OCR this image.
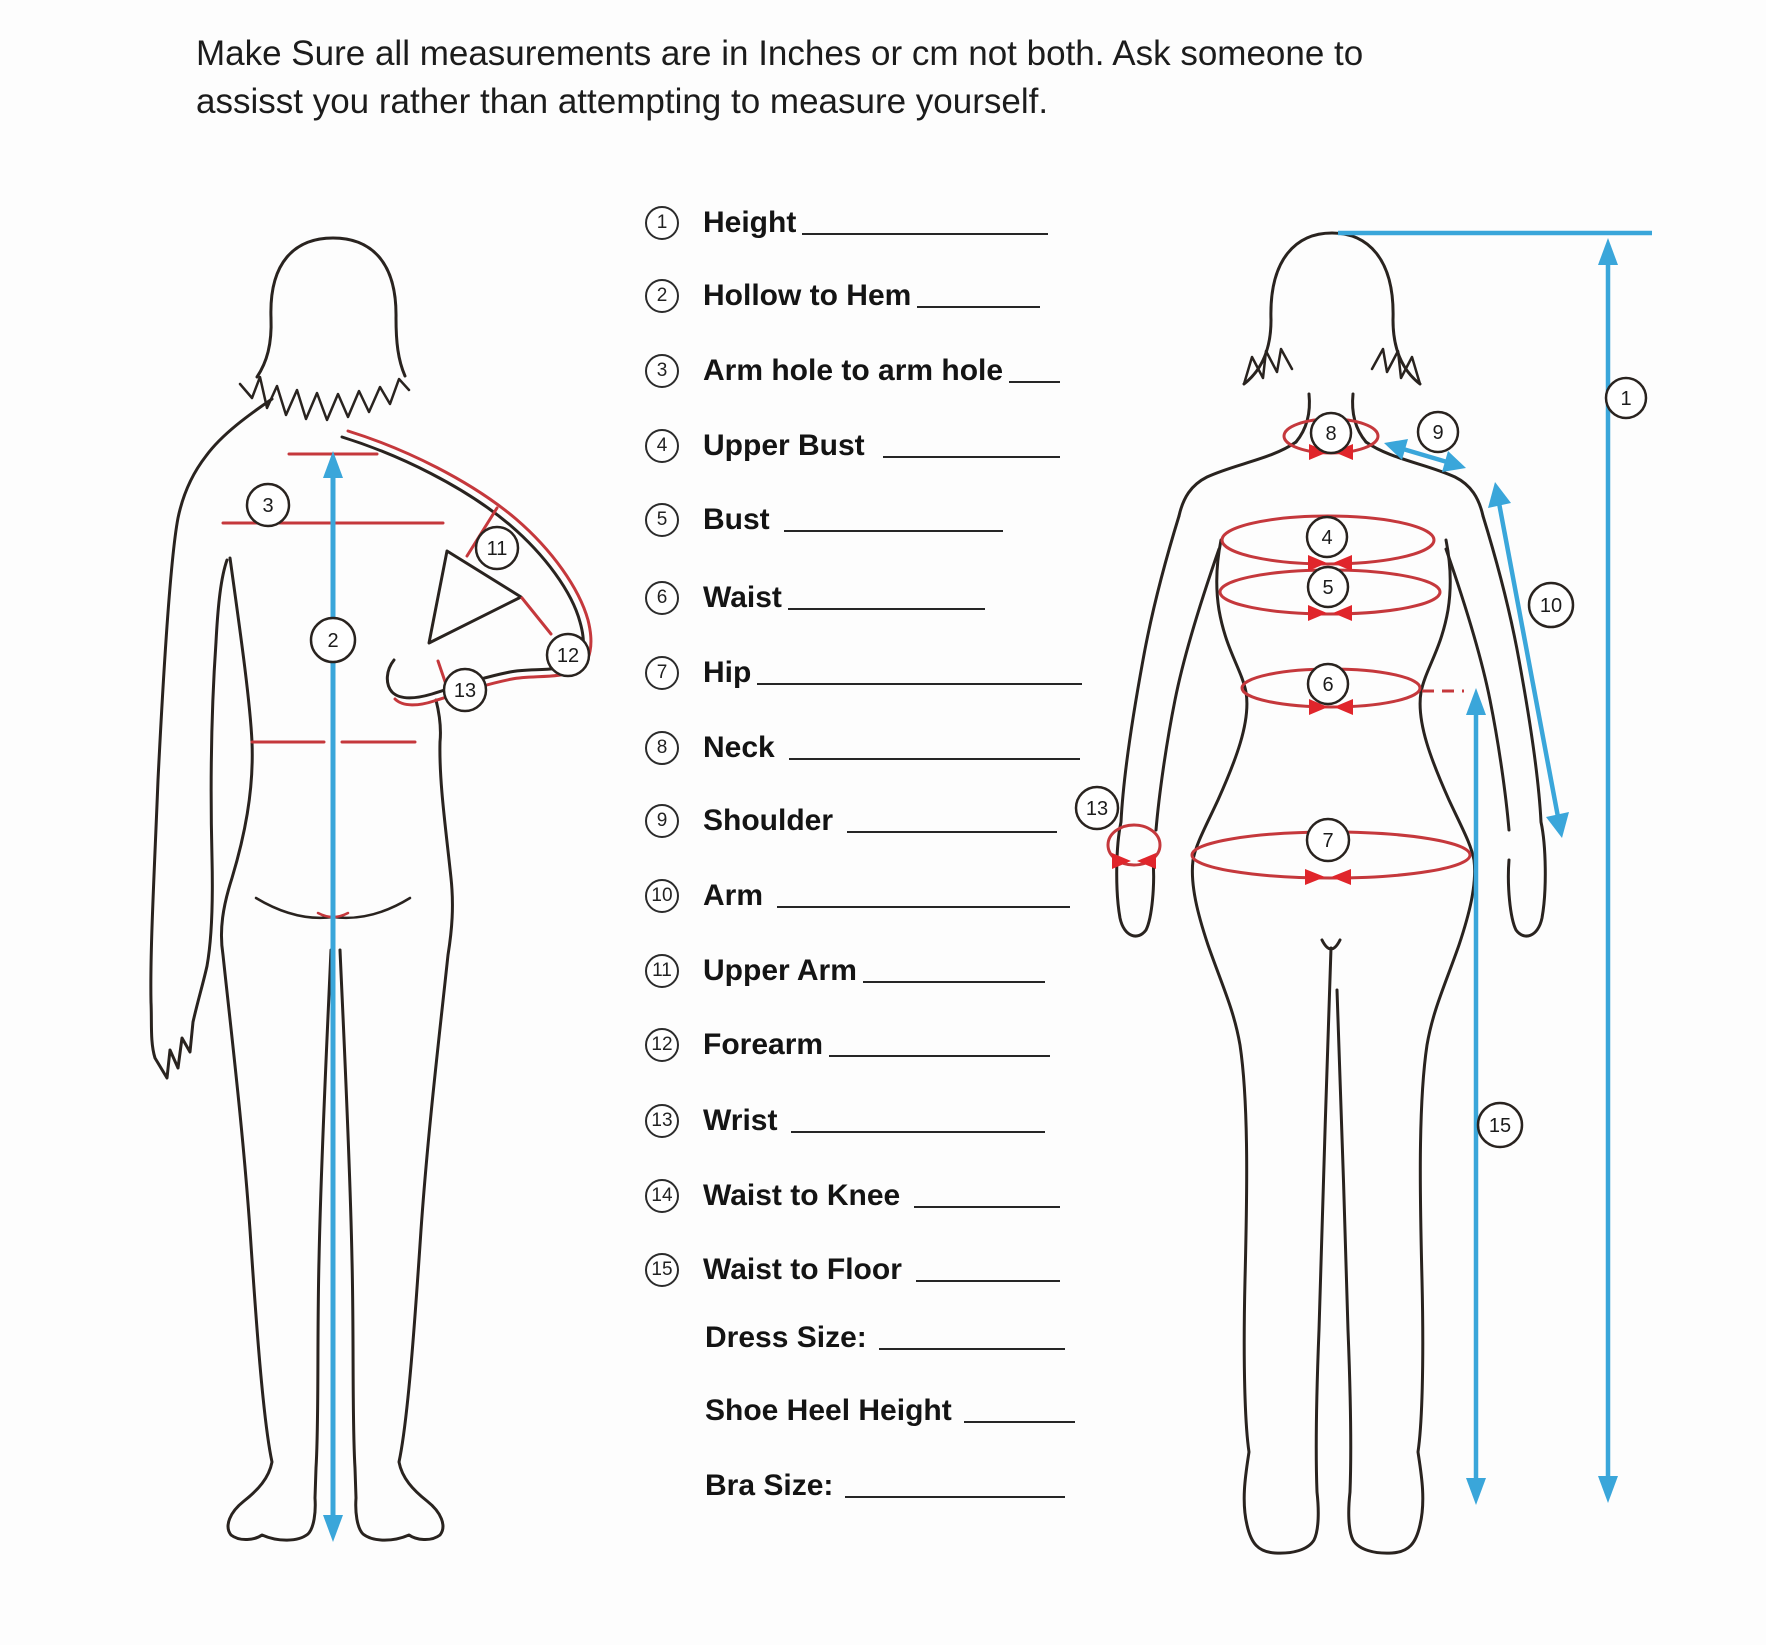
Make Sure all measurements are in Inches or cm not both. Ask someone to assisst you rather than attempting to measure yourself.
3
11
2
12
13
8	9
1
4
5
10
6
13
7
15
1	Height
2	Hollow to Hem
3	Arm hole to arm hole
4	Upper Bust
5	Bust
6	Waist
7	Hip
8	Neck
9	Shoulder
10 Arm
11 Upper Arm
12 Forearm
13 Wrist
14 Waist to Knee
15 Waist to Floor
Dress Size:
Shoe Heel Height
Bra Size:
